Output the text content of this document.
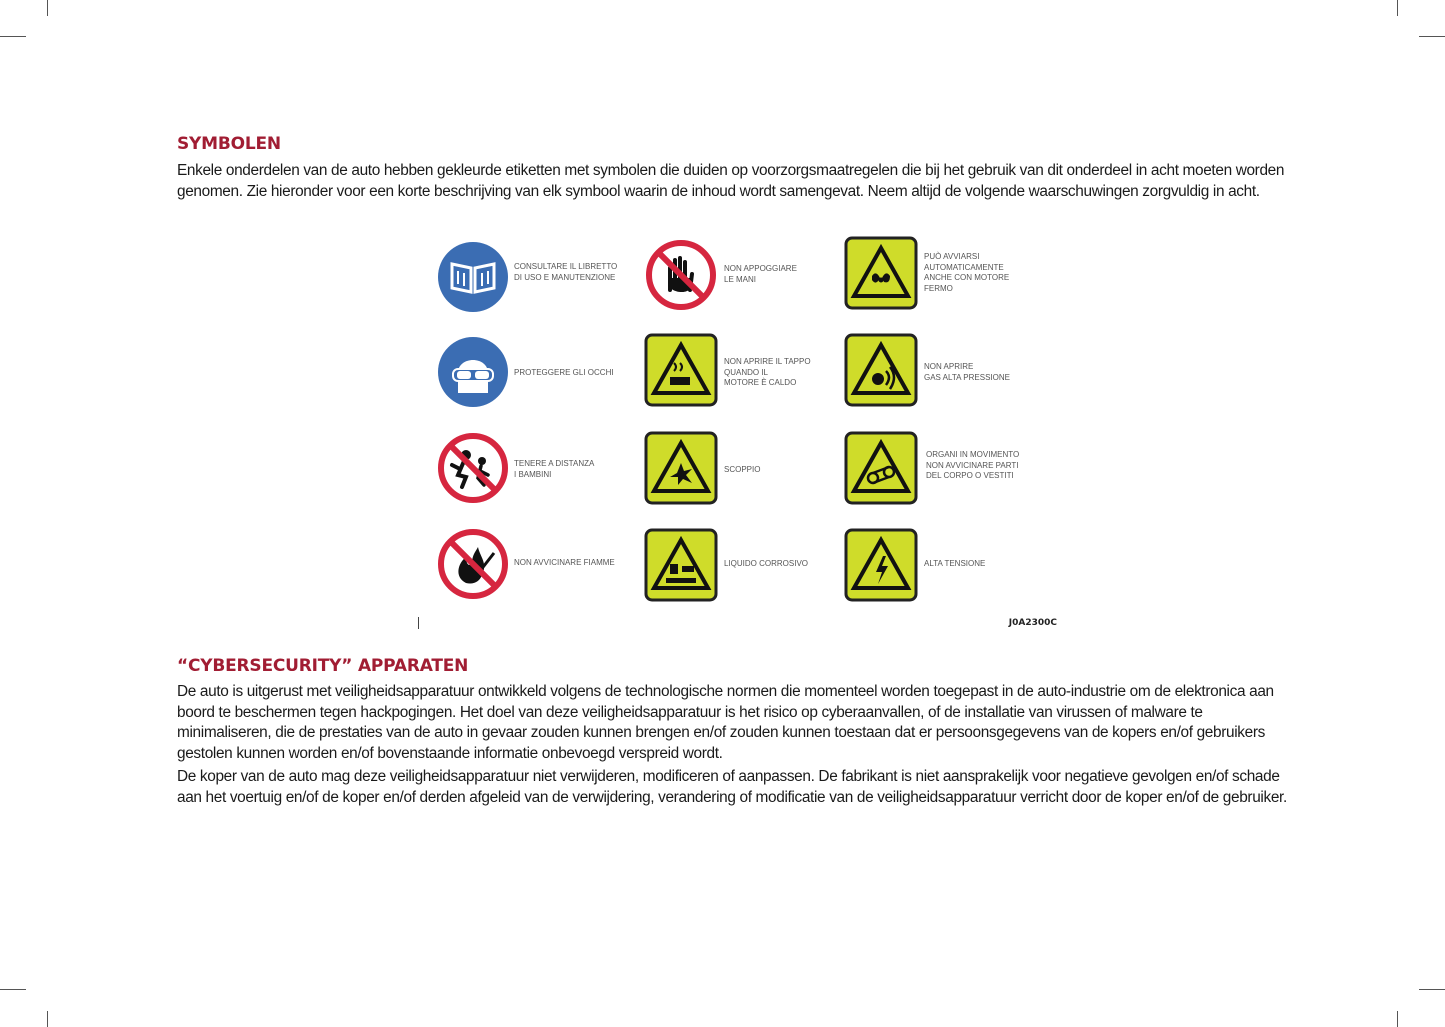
SYMBOLEN

Enkele onderdelen van de auto hebben gekleurde etiketten met symbolen die duiden op voorzorgsmaatregelen die bij het gebruik van dit onderdeel in acht moeten worden genomen. Zie hieronder voor een korte beschrijving van elk symbool waarin de inhoud wordt samengevat. Neem altijd de volgende waarschuwingen zorgvuldig in acht.

CONSULTARE IL LIBRETTO
DI USO E MANUTENZIONE
PROTEGGERE GLI OCCHI
TENERE A DISTANZA
I BAMBINI
NON AVVICINARE FIAMME
NON APPOGGIARE
LE MANI
NON APRIRE IL TAPPO
QUANDO IL
MOTORE È CALDO
SCOPPIO
LIQUIDO CORROSIVO
PUÒ AVVIARSI
AUTOMATICAMENTE
ANCHE CON MOTORE
FERMO
NON APRIRE
GAS ALTA PRESSIONE
ORGANI IN MOVIMENTO
NON AVVICINARE PARTI
DEL CORPO O VESTITI
ALTA TENSIONE
J0A2300C
“CYBERSECURITY” APPARATEN

De auto is uitgerust met veiligheidsapparatuur ontwikkeld volgens de technologische normen die momenteel worden toegepast in de auto-industrie om de elektronica aan boord te beschermen tegen hackpogingen. Het doel van deze veiligheidsapparatuur is het risico op cyberaanvallen, of de installatie van virussen of malware te minimaliseren, die de prestaties van de auto in gevaar zouden kunnen brengen en/of zouden kunnen toestaan dat er persoonsgegevens van de kopers en/of gebruikers gestolen kunnen worden en/of bovenstaande informatie onbevoegd verspreid wordt.

De koper van de auto mag deze veiligheidsapparatuur niet verwijderen, modificeren of aanpassen. De fabrikant is niet aansprakelijk voor negatieve gevolgen en/of schade aan het voertuig en/of de koper en/of derden afgeleid van de verwijdering, verandering of modificatie van de veiligheidsapparatuur verricht door de koper en/of de gebruiker.
